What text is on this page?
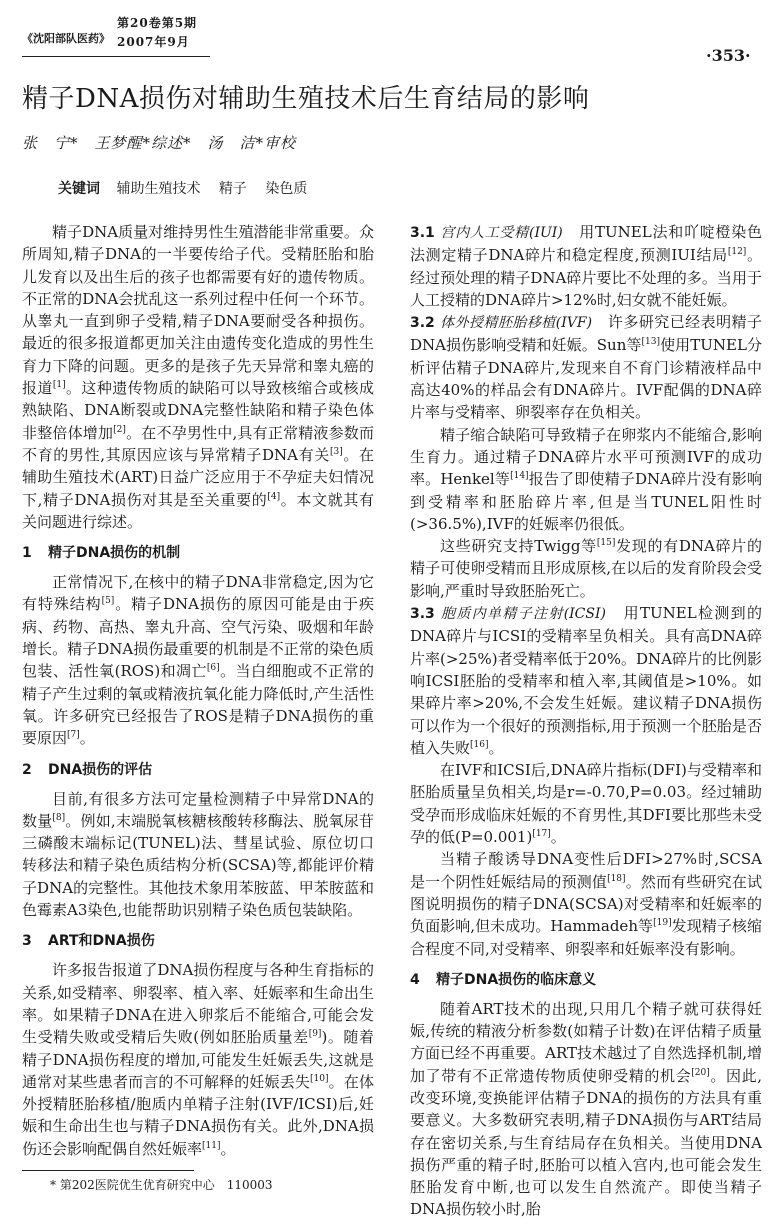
《沈阳部队医药》
第20卷第5期
2007年9月
·353·
精子DNA损伤对辅助生殖技术后生育结局的影响
张　宁*　王梦醒*综述*　汤　洁*审校
关键词 辅助生殖技术 精子 染色质

精子DNA质量对维持男性生殖潜能非常重要。众所周知,精子DNA的一半要传给子代。受精胚胎和胎儿发育以及出生后的孩子也都需要有好的遗传物质。不正常的DNA会扰乱这一系列过程中任何一个环节。从睾丸一直到卵子受精,精子DNA要耐受各种损伤。最近的很多报道都更加关注由遗传变化造成的男性生育力下降的问题。更多的是孩子先天异常和睾丸癌的报道[1]。这种遗传物质的缺陷可以导致核缩合或核成熟缺陷、DNA断裂或DNA完整性缺陷和精子染色体非整倍体增加[2]。在不孕男性中,具有正常精液参数而不育的男性,其原因应该与异常精子DNA有关[3]。在辅助生殖技术(ART)日益广泛应用于不孕症夫妇情况下,精子DNA损伤对其是至关重要的[4]。本文就其有关问题进行综述。

1 精子DNA损伤的机制

正常情况下,在核中的精子DNA非常稳定,因为它有特殊结构[5]。精子DNA损伤的原因可能是由于疾病、药物、高热、睾丸升高、空气污染、吸烟和年龄增长。精子DNA损伤最重要的机制是不正常的染色质包装、活性氧(ROS)和凋亡[6]。当白细胞或不正常的精子产生过剩的氧或精液抗氧化能力降低时,产生活性氧。许多研究已经报告了ROS是精子DNA损伤的重要原因[7]。

2 DNA损伤的评估

目前,有很多方法可定量检测精子中异常DNA的数量[8]。例如,末端脱氧核糖核酸转移酶法、脱氧尿苷三磷酸末端标记(TUNEL)法、彗星试验、原位切口转移法和精子染色质结构分析(SCSA)等,都能评价精子DNA的完整性。其他技术象用苯胺蓝、甲苯胺蓝和色霉素A3染色,也能帮助识别精子染色质包装缺陷。

3 ART和DNA损伤

许多报告报道了DNA损伤程度与各种生育指标的关系,如受精率、卵裂率、植入率、妊娠率和生命出生率。如果精子DNA在进入卵浆后不能缩合,可能会发生受精失败或受精后失败(例如胚胎质量差[9])。随着精子DNA损伤程度的增加,可能发生妊娠丢失,这就是通常对某些患者而言的不可解释的妊娠丢失[10]。在体外授精胚胎移植/胞质内单精子注射(IVF/ICSI)后,妊娠和生命出生也与精子DNA损伤有关。此外,DNA损伤还会影响配偶自然妊娠率[11]。

* 第202医院优生优育研究中心　110003

3.1 宫内人工受精(IUI)　用TUNEL法和吖啶橙染色法测定精子DNA碎片和稳定程度,预测IUI结局[12]。经过预处理的精子DNA碎片要比不处理的多。当用于人工授精的DNA碎片>12%时,妇女就不能妊娠。

3.2 体外授精胚胎移植(IVF)　许多研究已经表明精子DNA损伤影响受精和妊娠。Sun等[13]使用TUNEL分析评估精子DNA碎片,发现来自不育门诊精液样品中高达40%的样品会有DNA碎片。IVF配偶的DNA碎片率与受精率、卵裂率存在负相关。

精子缩合缺陷可导致精子在卵浆内不能缩合,影响生育力。通过精子DNA碎片水平可预测IVF的成功率。Henkel等[14]报告了即使精子DNA碎片没有影响到受精率和胚胎碎片率,但是当TUNEL阳性时(>36.5%),IVF的妊娠率仍很低。

这些研究支持Twigg等[15]发现的有DNA碎片的精子可使卵受精而且形成原核,在以后的发育阶段会受影响,严重时导致胚胎死亡。

3.3 胞质内单精子注射(ICSI)　用TUNEL检测到的DNA碎片与ICSI的受精率呈负相关。具有高DNA碎片率(>25%)者受精率低于20%。DNA碎片的比例影响ICSI胚胎的受精率和植入率,其阈值是>10%。如果碎片率>20%,不会发生妊娠。建议精子DNA损伤可以作为一个很好的预测指标,用于预测一个胚胎是否植入失败[16]。

在IVF和ICSI后,DNA碎片指标(DFI)与受精率和胚胎质量呈负相关,均是r=-0.70,P=0.03。经过辅助受孕而形成临床妊娠的不育男性,其DFI要比那些未受孕的低(P=0.001)[17]。

当精子酸诱导DNA变性后DFI>27%时,SCSA是一个阴性妊娠结局的预测值[18]。然而有些研究在试图说明损伤的精子DNA(SCSA)对受精率和妊娠率的负面影响,但未成功。Hammadeh等[19]发现精子核缩合程度不同,对受精率、卵裂率和妊娠率没有影响。

4 精子DNA损伤的临床意义

随着ART技术的出现,只用几个精子就可获得妊娠,传统的精液分析参数(如精子计数)在评估精子质量方面已经不再重要。ART技术越过了自然选择机制,增加了带有不正常遗传物质使卵受精的机会[20]。因此,改变环境,变换能评估精子DNA的损伤的方法具有重要意义。大多数研究表明,精子DNA损伤与ART结局存在密切关系,与生育结局存在负相关。当使用DNA损伤严重的精子时,胚胎可以植入宫内,也可能会发生胚胎发育中断,也可以发生自然流产。即使当精子DNA损伤较小时,胎
